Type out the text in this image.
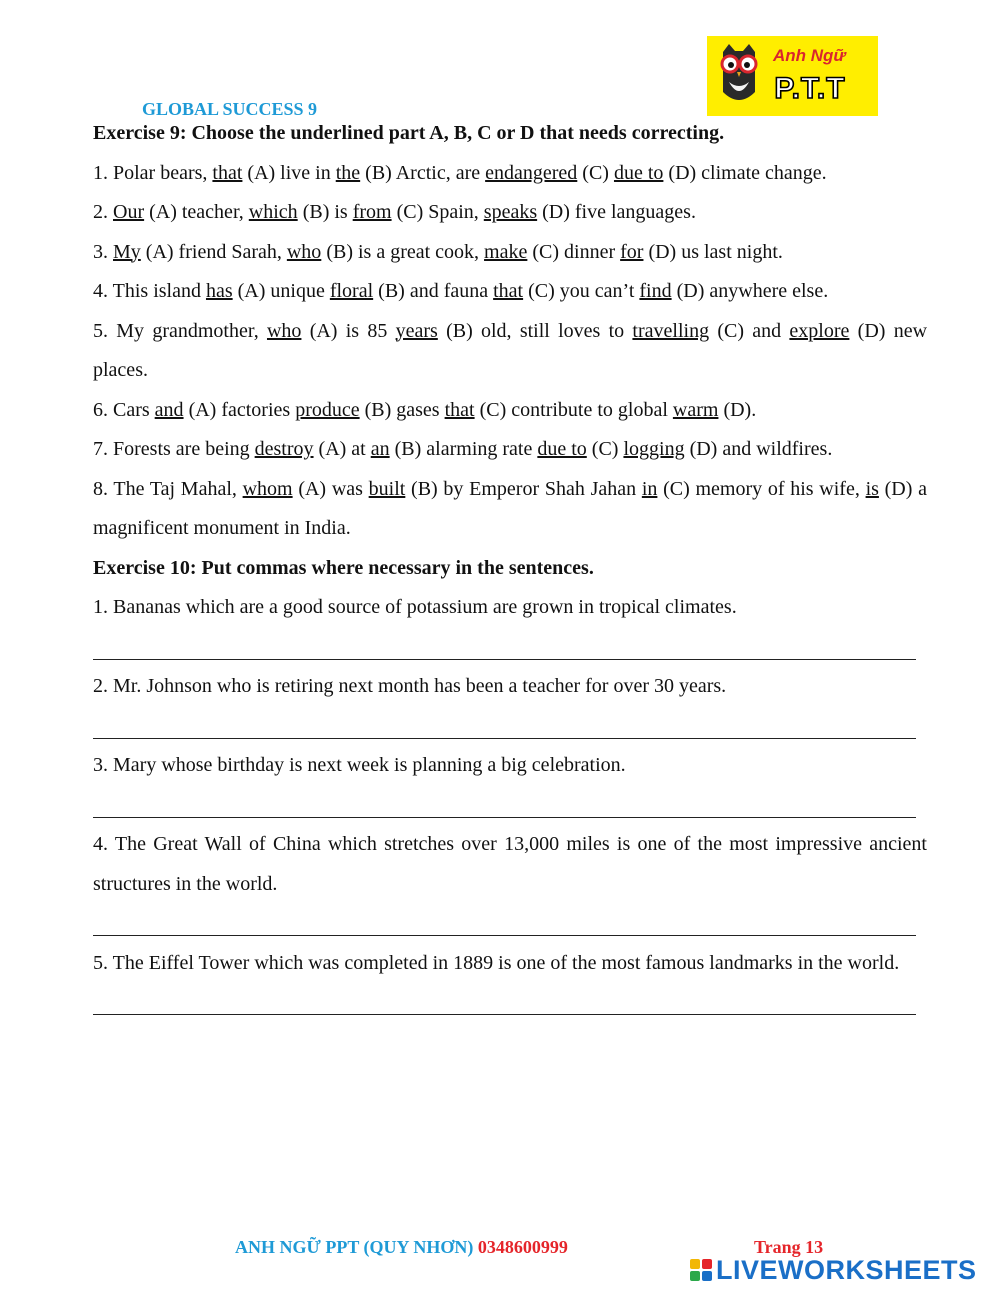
GLOBAL SUCCESS 9
Anh Ngữ
P.T.T

Exercise 9: Choose the underlined part A, B, C or D that needs correcting.

1. Polar bears, that (A) live in the (B) Arctic, are endangered (C) due to (D) climate change.

2. Our (A) teacher, which (B) is from (C) Spain, speaks (D) five languages.

3. My (A) friend Sarah, who (B) is a great cook, make (C) dinner for (D) us last night.

4. This island has (A) unique floral (B) and fauna that (C) you can’t find (D) anywhere else.

5. My grandmother, who (A) is 85 years (B) old, still loves to travelling (C) and explore (D) new places.

6. Cars and (A) factories produce (B) gases that (C) contribute to global warm (D).

7. Forests are being destroy (A) at an (B) alarming rate due to (C) logging (D) and wildfires.

8. The Taj Mahal, whom (A) was built (B) by Emperor Shah Jahan in (C) memory of his wife, is (D) a magnificent monument in India.

Exercise 10: Put commas where necessary in the sentences.

1. Bananas which are a good source of potassium are grown in tropical climates.

2. Mr. Johnson who is retiring next month has been a teacher for over 30 years.

3. Mary whose birthday is next week is planning a big celebration.

4. The Great Wall of China which stretches over 13,000 miles is one of the most impressive ancient structures in the world.

5. The Eiffel Tower which was completed in 1889 is one of the most famous landmarks in the world.

ANH NGỮ PPT (QUY NHƠN) 0348600999	Trang 13
LIVEWORKSHEETS
